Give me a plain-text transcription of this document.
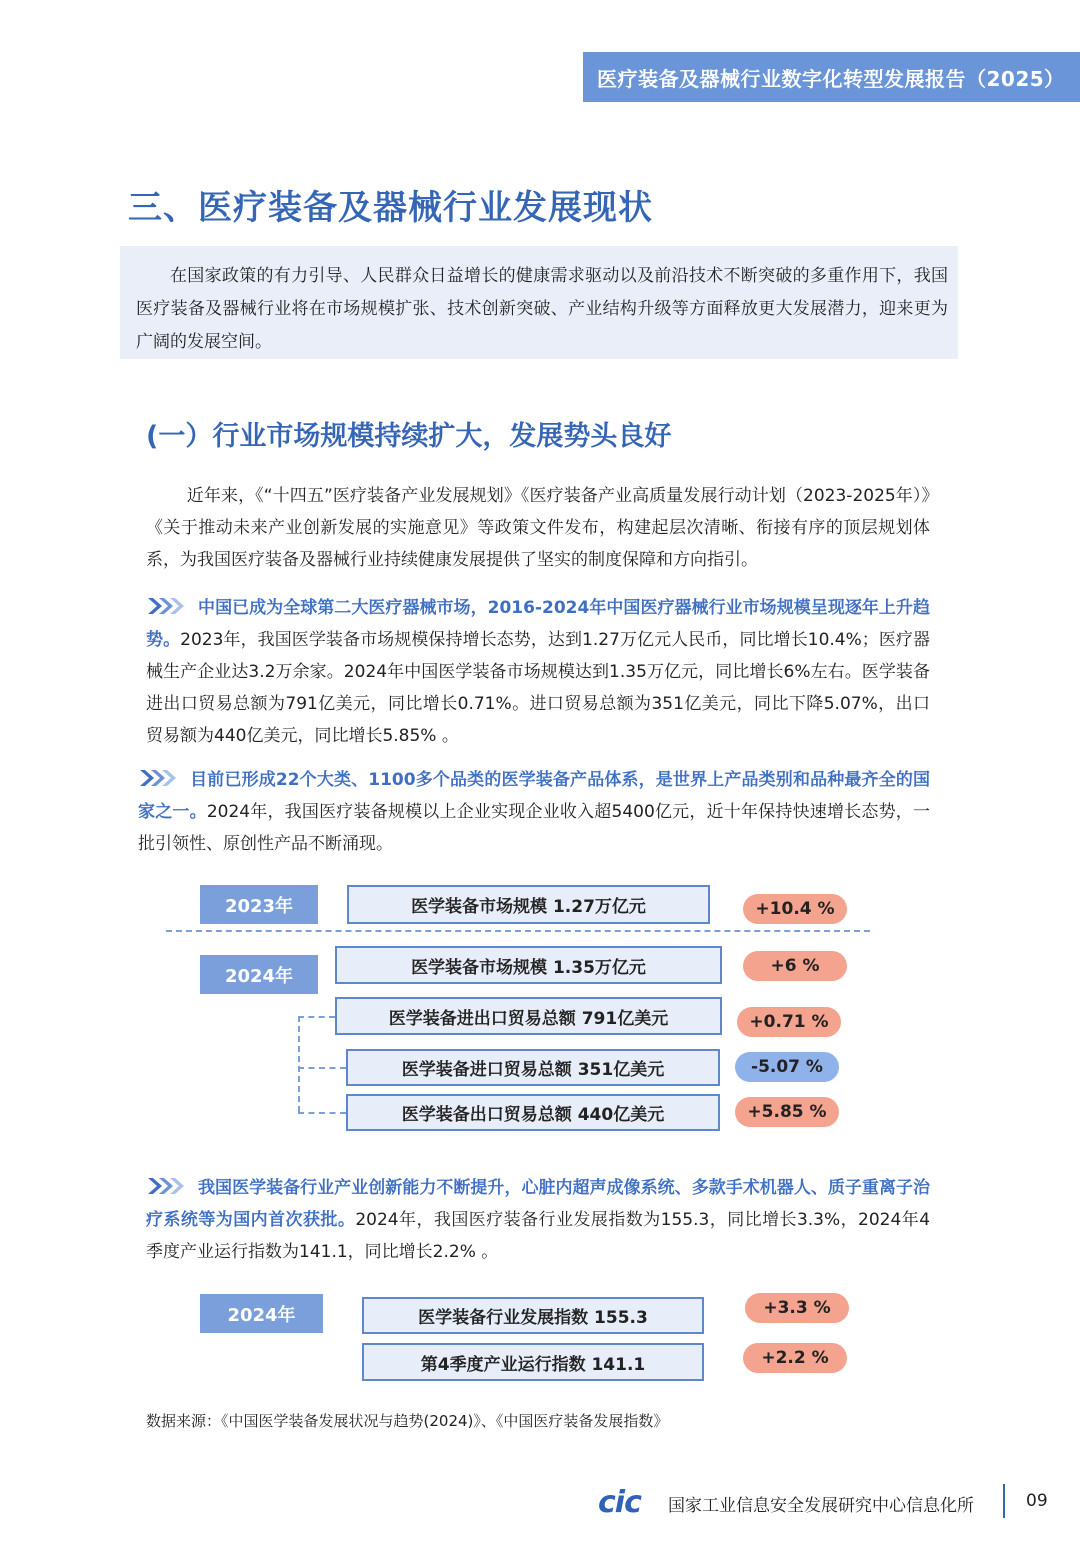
医疗装备及器械行业数字化转型发展报告（2025）
三、医疗装备及器械行业发展现状

在国家政策的有力引导、人民群众日益增长的健康需求驱动以及前沿技术不断突破的多重作用下，我国医疗装备及器械行业将在市场规模扩张、技术创新突破、产业结构升级等方面释放更大发展潜力，迎来更为广阔的发展空间。

(一）行业市场规模持续扩大，发展势头良好
近年来，《“十四五”医疗装备产业发展规划》《医疗装备产业高质量发展行动计划（2023-2025年）》《关于推动未来产业创新发展的实施意见》等政策文件发布，构建起层次清晰、衔接有序的顶层规划体系，为我国医疗装备及器械行业持续健康发展提供了坚实的制度保障和方向指引。
中国已成为全球第二大医疗器械市场，2016-2024年中国医疗器械行业市场规模呈现逐年上升趋势。2023年，我国医学装备市场规模保持增长态势，达到1.27万亿元人民币，同比增长10.4%；医疗器械生产企业达3.2万余家。2024年中国医学装备市场规模达到1.35万亿元，同比增长6%左右。医学装备进出口贸易总额为791亿美元，同比增长0.71%。进口贸易总额为351亿美元，同比下降5.07%，出口贸易额为440亿美元，同比增长5.85% 。
目前已形成22个大类、1100多个品类的医学装备产品体系，是世界上产品类别和品种最齐全的国家之一。2024年，我国医疗装备规模以上企业实现企业收入超5400亿元，近十年保持快速增长态势，一批引领性、原创性产品不断涌现。
2023年	医学装备市场规模 1.27万亿元	+10.4 %
2024年	医学装备市场规模 1.35万亿元	+6 %
医学装备进出口贸易总额 791亿美元	+0.71 %
医学装备进口贸易总额 351亿美元	-5.07 %
医学装备出口贸易总额 440亿美元	+5.85 %
我国医学装备行业产业创新能力不断提升，心脏内超声成像系统、多款手术机器人、质子重离子治疗系统等为国内首次获批。2024年，我国医疗装备行业发展指数为155.3，同比增长3.3%，2024年4季度产业运行指数为141.1，同比增长2.2% 。
2024年	医学装备行业发展指数 155.3	+3.3 %
第4季度产业运行指数 141.1	+2.2 %
数据来源：《中国医学装备发展状况与趋势(2024)》、《中国医疗装备发展指数》
cic 国家工业信息安全发展研究中心信息化所	09
